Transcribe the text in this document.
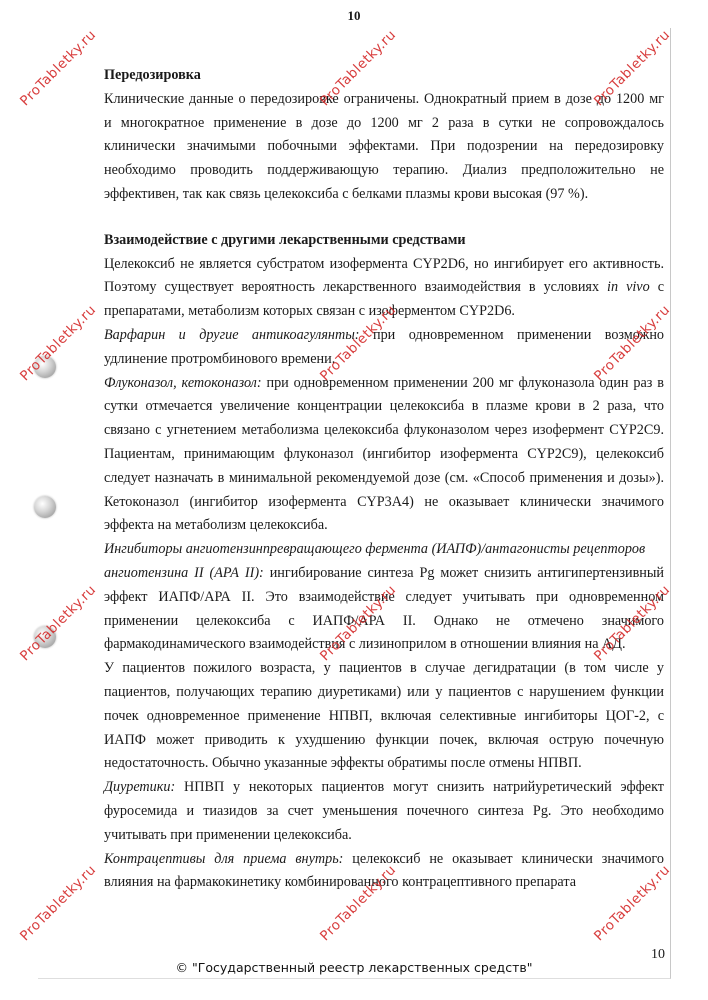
10
Передозировка
Клинические данные о передозировке ограничены. Однократный прием в дозе до 1200 мг
и многократное применение в дозе до 1200 мг 2 раза в сутки не сопровождалось
клинически значимыми побочными эффектами. При подозрении на передозировку
необходимо проводить поддерживающую терапию. Диализ предположительно не
эффективен, так как связь целекоксиба с белками плазмы крови высокая (97 %).
Взаимодействие с другими лекарственными средствами
Целекоксиб не является субстратом изофермента CYP2D6, но ингибирует его активность.
Поэтому существует вероятность лекарственного взаимодействия в условиях in vivo с
препаратами, метаболизм которых связан с изоферментом CYP2D6.
Варфарин и другие антикоагулянты: при одновременном применении возможно
удлинение протромбинового времени.
Флуконазол, кетоконазол: при одновременном применении 200 мг флуконазола один раз в
сутки отмечается увеличение концентрации целекоксиба в плазме крови в 2 раза, что
связано с угнетением метаболизма целекоксиба флуконазолом через изофермент CYP2C9.
Пациентам, принимающим флуконазол (ингибитор изофермента CYP2C9), целекоксиб
следует назначать в минимальной рекомендуемой дозе (см. «Способ применения и дозы»).
Кетоконазол (ингибитор изофермента CYP3A4) не оказывает клинически значимого
эффекта на метаболизм целекоксиба.
Ингибиторы ангиотензинпревращающего фермента (ИАПФ)/антагонисты рецепторов
ангиотензина II (АРА II): ингибирование синтеза Pg может снизить антигипертензивный
эффект ИАПФ/АРА II. Это взаимодействие следует учитывать при одновременном
применении целекоксиба с ИАПФ/АРА II. Однако не отмечено значимого
фармакодинамического взаимодействия с лизиноприлом в отношении влияния на АД.
У пациентов пожилого возраста, у пациентов в случае дегидратации (в том числе у
пациентов, получающих терапию диуретиками) или у пациентов с нарушением функции
почек одновременное применение НПВП, включая селективные ингибиторы ЦОГ-2, с
ИАПФ может приводить к ухудшению функции почек, включая острую почечную
недостаточность. Обычно указанные эффекты обратимы после отмены НПВП.
Диуретики: НПВП у некоторых пациентов могут снизить натрийуретический эффект
фуросемида и тиазидов за счет уменьшения почечного синтеза Pg. Это необходимо
учитывать при применении целекоксиба.
Контрацептивы для приема внутрь: целекоксиб не оказывает клинически значимого
влияния на фармакокинетику комбинированного контрацептивного препарата
ProTabletky.ru	ProTabletky.ru	ProTabletky.ru
ProTabletky.ru	ProTabletky.ru	ProTabletky.ru
ProTabletky.ru	ProTabletky.ru	ProTabletky.ru
ProTabletky.ru	ProTabletky.ru	ProTabletky.ru
10
© "Государственный реестр лекарственных средств"
